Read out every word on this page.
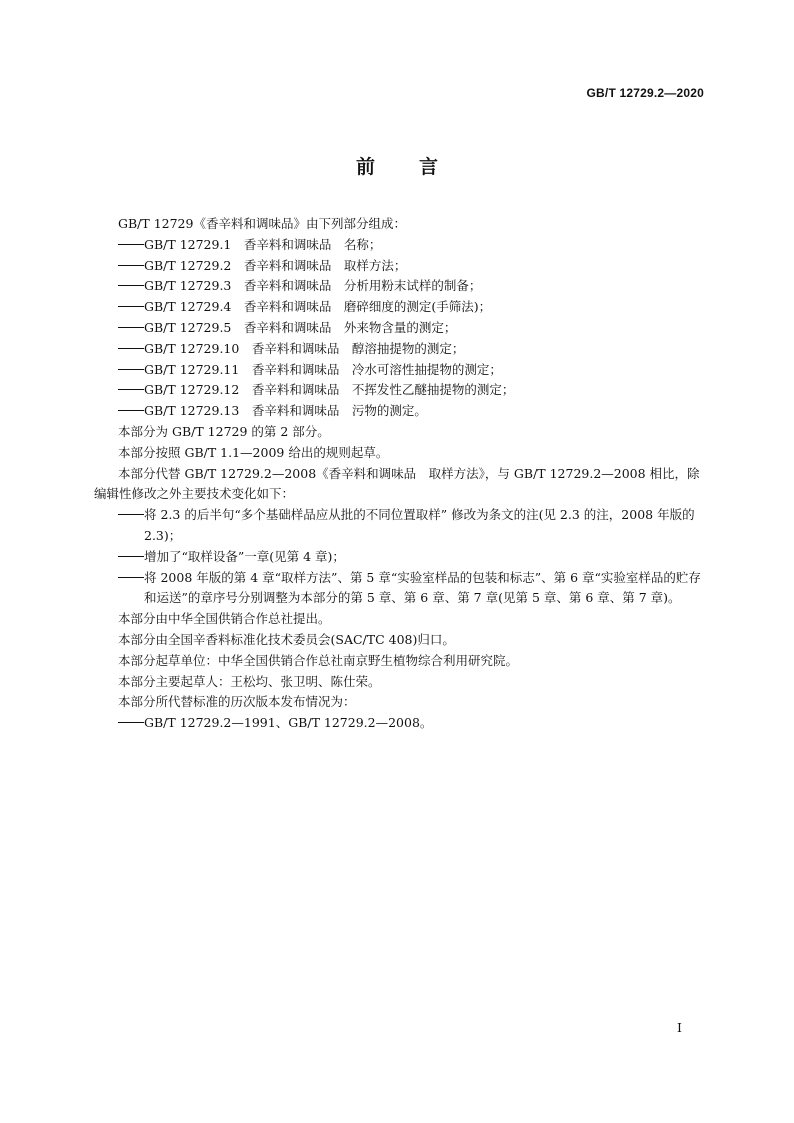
GB/T 12729.2—2020
前 言

GB/T 12729《香辛料和调味品》由下列部分组成：

GB/T 12729.1　香辛料和调味品　名称；

GB/T 12729.2　香辛料和调味品　取样方法；

GB/T 12729.3　香辛料和调味品　分析用粉末试样的制备；

GB/T 12729.4　香辛料和调味品　磨碎细度的测定(手筛法)；

GB/T 12729.5　香辛料和调味品　外来物含量的测定；

GB/T 12729.10　香辛料和调味品　醇溶抽提物的测定；

GB/T 12729.11　香辛料和调味品　冷水可溶性抽提物的测定；

GB/T 12729.12　香辛料和调味品　不挥发性乙醚抽提物的测定；

GB/T 12729.13　香辛料和调味品　污物的测定。

本部分为 GB/T 12729 的第 2 部分。

本部分按照 GB/T 1.1—2009 给出的规则起草。

本部分代替 GB/T 12729.2—2008《香辛料和调味品　取样方法》，与 GB/T 12729.2—2008 相比，除编辑性修改之外主要技术变化如下：

将 2.3 的后半句“多个基础样品应从批的不同位置取样” 修改为条文的注(见 2.3 的注，2008 年版的 2.3)；

增加了“取样设备”一章(见第 4 章)；

将 2008 年版的第 4 章“取样方法”、第 5 章“实验室样品的包装和标志”、第 6 章“实验室样品的贮存和运送”的章序号分别调整为本部分的第 5 章、第 6 章、第 7 章(见第 5 章、第 6 章、第 7 章)。

本部分由中华全国供销合作总社提出。

本部分由全国辛香料标准化技术委员会(SAC/TC 408)归口。

本部分起草单位：中华全国供销合作总社南京野生植物综合利用研究院。

本部分主要起草人：王松均、张卫明、陈仕荣。

本部分所代替标准的历次版本发布情况为：

GB/T 12729.2—1991、GB/T 12729.2—2008。

I
